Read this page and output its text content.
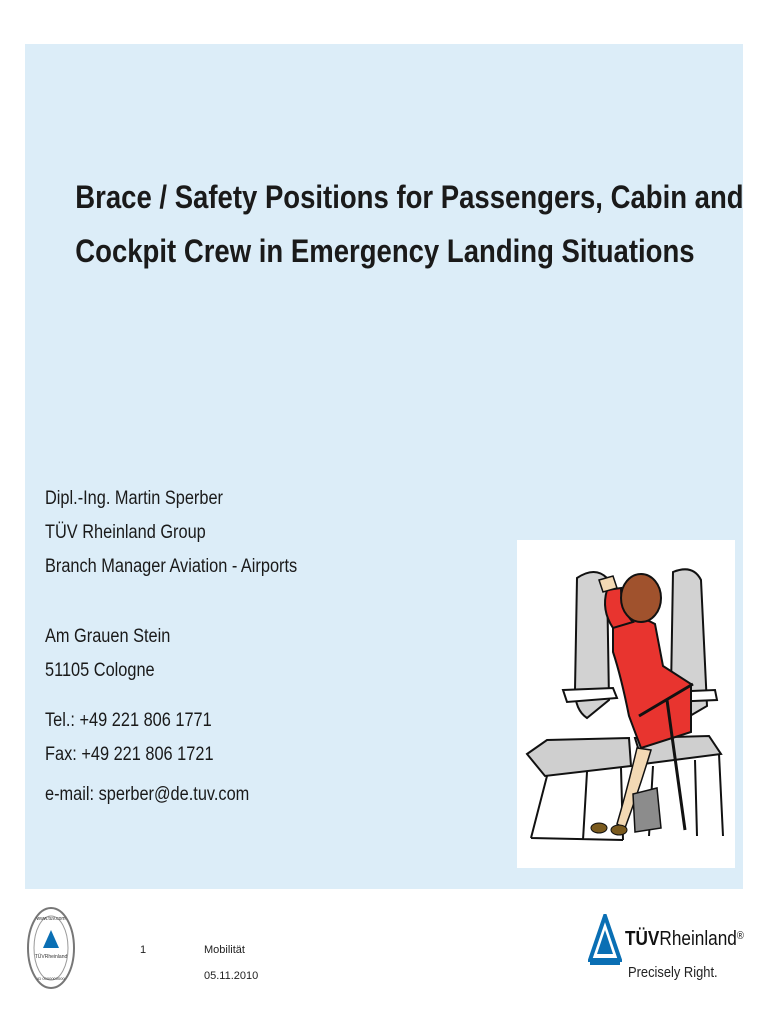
Brace / Safety Positions for Passengers, Cabin and
Cockpit Crew in Emergency Landing Situations
Dipl.-Ing. Martin Sperber
TÜV Rheinland Group
Branch Manager Aviation - Airports
Am Grauen Stein
51105 Cologne
Tel.: +49 221 806 1771
Fax: +49 221 806 1721
e-mail: sperber@de.tuv.com
www.tuv.com
TÜVRheinland
ID 0000000000
1	Mobilität
05.11.2010
TÜVRheinland®
Precisely Right.
